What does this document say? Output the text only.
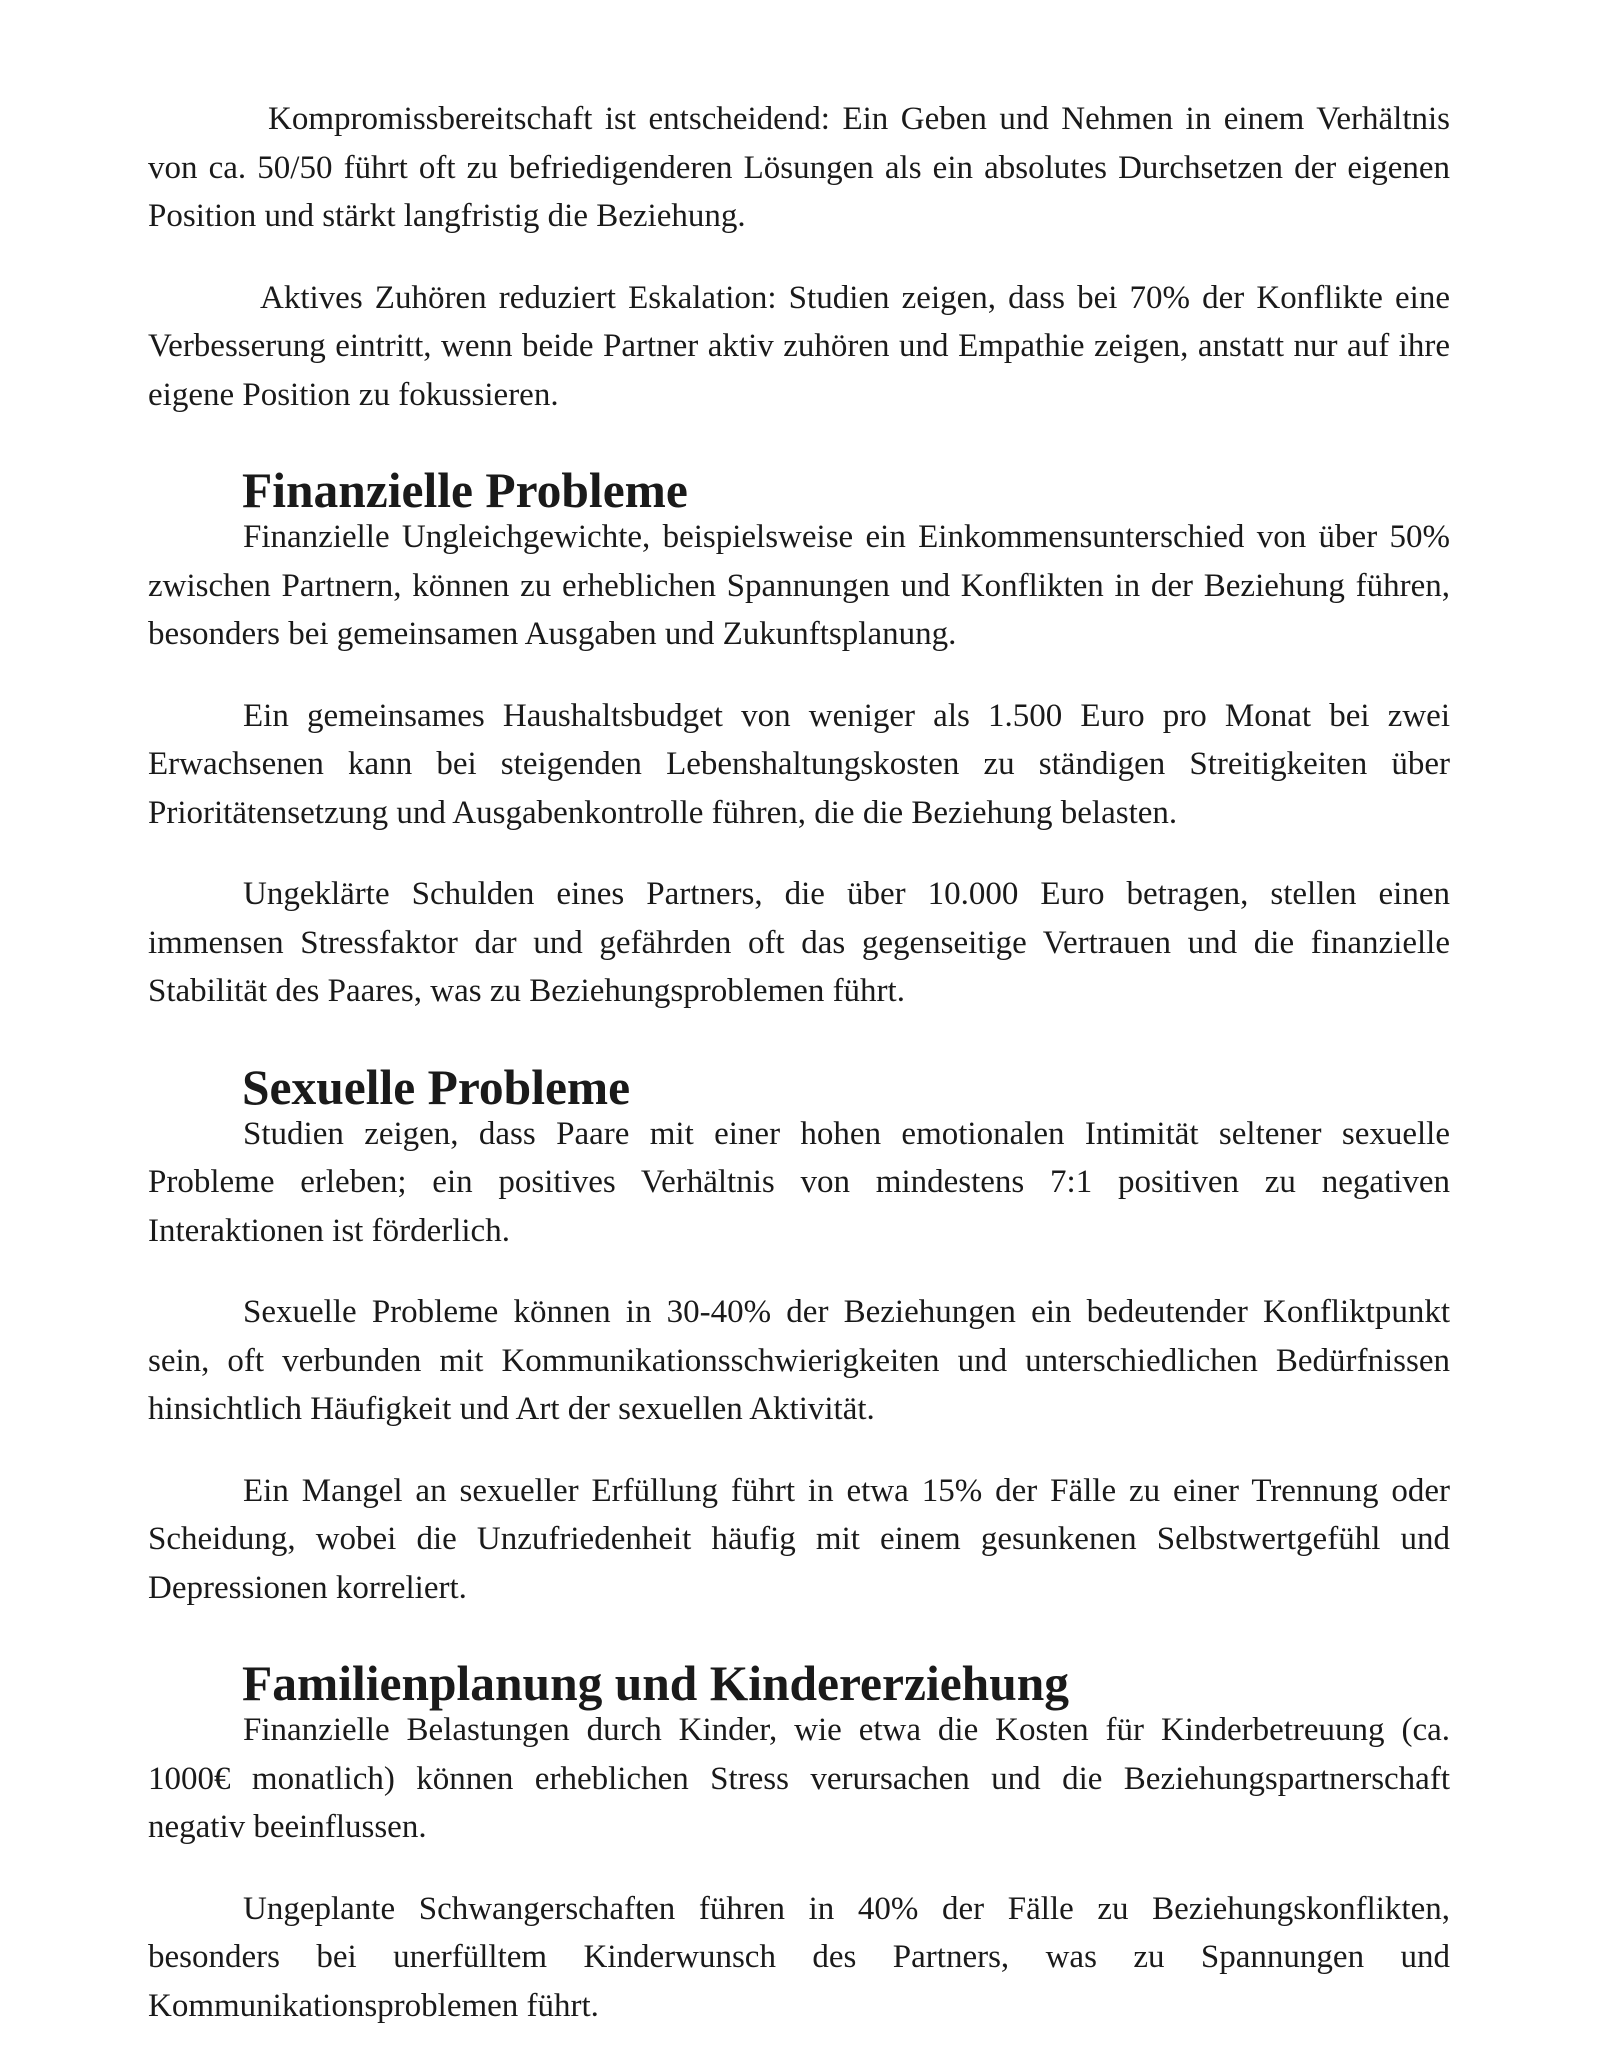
Kompromissbereitschaft ist entscheidend: Ein Geben und Nehmen in einem Verhältnis von ca. 50/50 führt oft zu befriedigenderen Lösungen als ein absolutes Durchsetzen der eigenen Position und stärkt langfristig die Beziehung.

Aktives Zuhören reduziert Eskalation: Studien zeigen, dass bei 70% der Konflikte eine Verbesserung eintritt, wenn beide Partner aktiv zuhören und Empathie zeigen, anstatt nur auf ihre eigene Position zu fokussieren.

Finanzielle Probleme

Finanzielle Ungleichgewichte, beispielsweise ein Einkommensunterschied von über 50% zwischen Partnern, können zu erheblichen Spannungen und Konflikten in der Beziehung führen, besonders bei gemeinsamen Ausgaben und Zukunftsplanung.

Ein gemeinsames Haushaltsbudget von weniger als 1.500 Euro pro Monat bei zwei Erwachsenen kann bei steigenden Lebenshaltungskosten zu ständigen Streitigkeiten über Prioritätensetzung und Ausgabenkontrolle führen, die die Beziehung belasten.

Ungeklärte Schulden eines Partners, die über 10.000 Euro betragen, stellen einen immensen Stressfaktor dar und gefährden oft das gegenseitige Vertrauen und die finanzielle Stabilität des Paares, was zu Beziehungsproblemen führt.

Sexuelle Probleme

Studien zeigen, dass Paare mit einer hohen emotionalen Intimität seltener sexuelle Probleme erleben; ein positives Verhältnis von mindestens 7:1 positiven zu negativen Interaktionen ist förderlich.

Sexuelle Probleme können in 30-40% der Beziehungen ein bedeutender Konfliktpunkt sein, oft verbunden mit Kommunikationsschwierigkeiten und unterschiedlichen Bedürfnissen hinsichtlich Häufigkeit und Art der sexuellen Aktivität.

Ein Mangel an sexueller Erfüllung führt in etwa 15% der Fälle zu einer Trennung oder Scheidung, wobei die Unzufriedenheit häufig mit einem gesunkenen Selbstwertgefühl und Depressionen korreliert.

Familienplanung und Kindererziehung

Finanzielle Belastungen durch Kinder, wie etwa die Kosten für Kinderbetreuung (ca. 1000€ monatlich) können erheblichen Stress verursachen und die Beziehungspartnerschaft negativ beeinflussen.

Ungeplante Schwangerschaften führen in 40% der Fälle zu Beziehungskonflikten, besonders bei unerfülltem Kinderwunsch des Partners, was zu Spannungen und Kommunikationsproblemen führt.
